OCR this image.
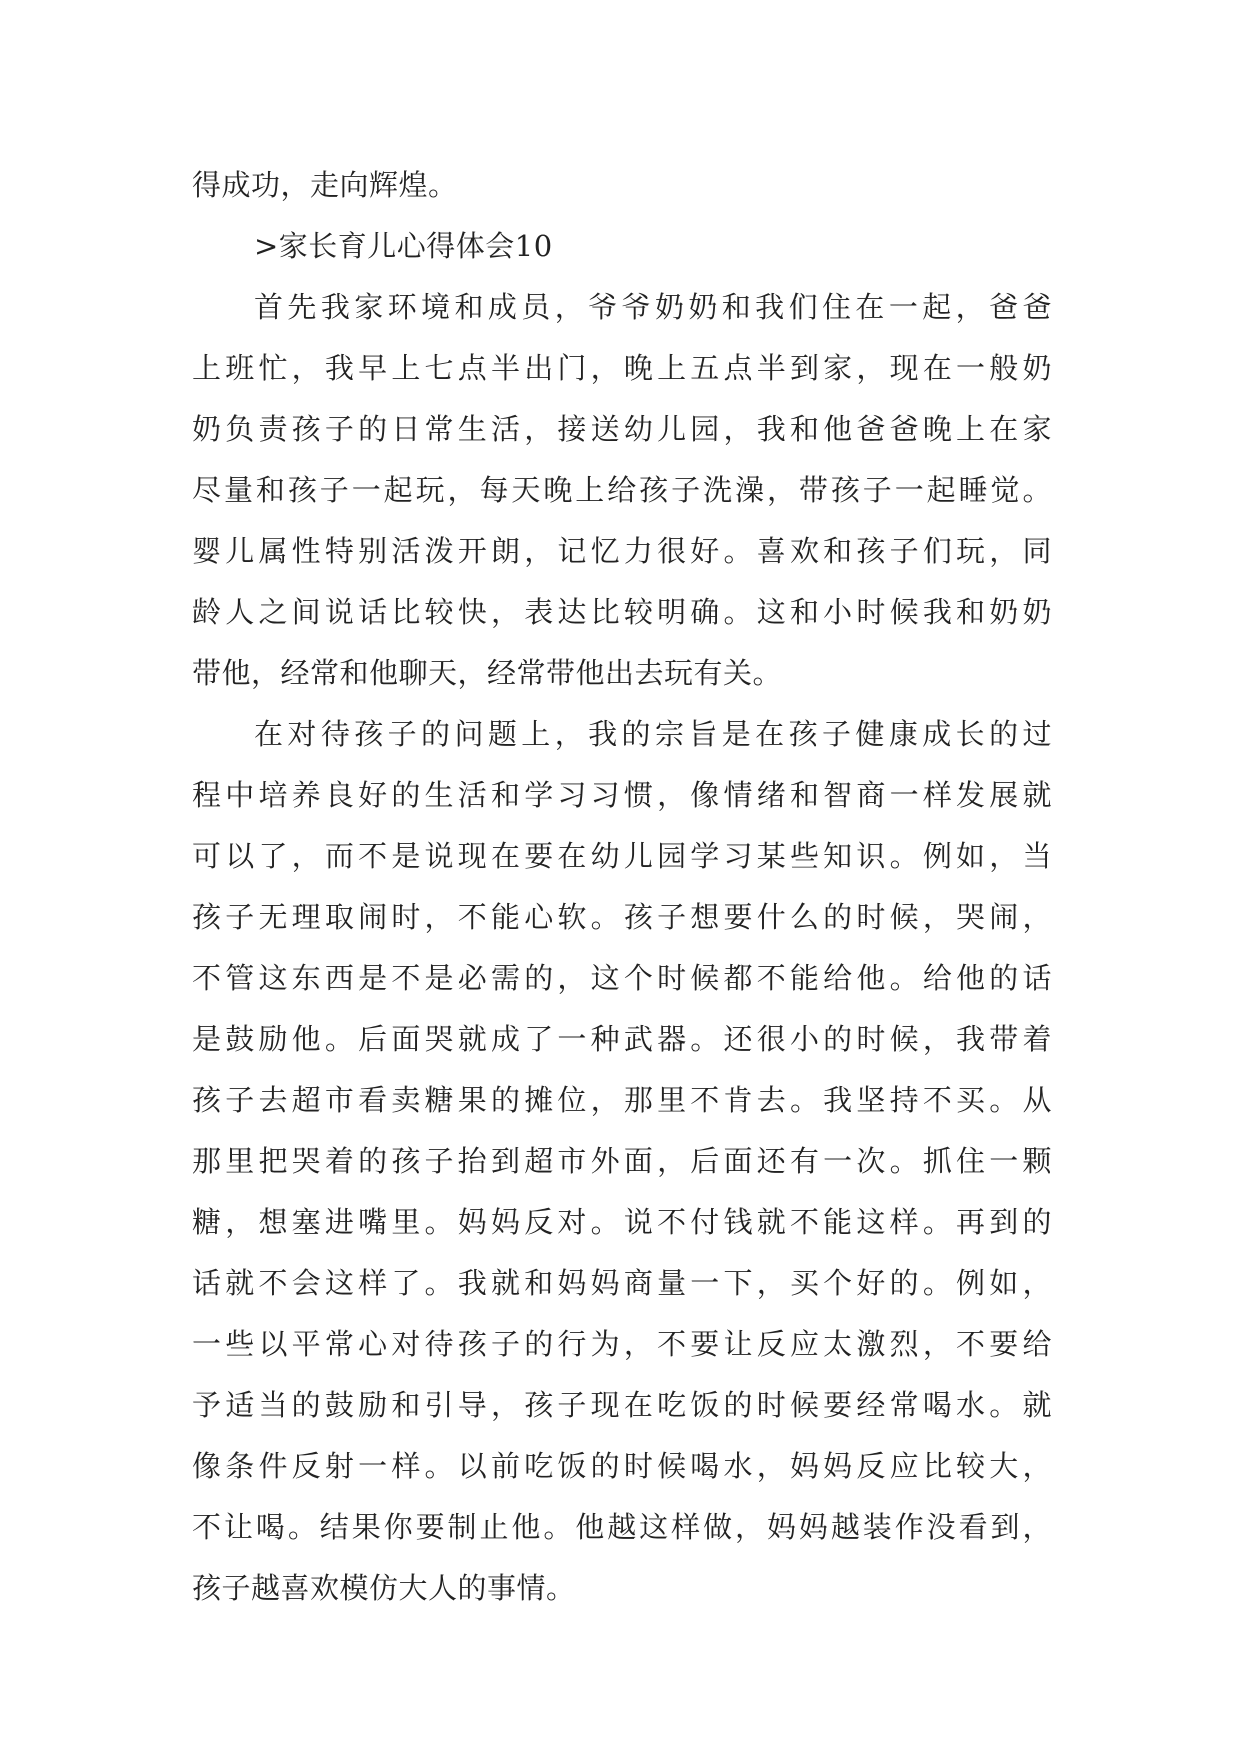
得成功，走向辉煌。
>家长育儿心得体会10
首先我家环境和成员，爷爷奶奶和我们住在一起，爸爸
上班忙，我早上七点半出门，晚上五点半到家，现在一般奶
奶负责孩子的日常生活，接送幼儿园，我和他爸爸晚上在家
尽量和孩子一起玩，每天晚上给孩子洗澡，带孩子一起睡觉。
婴儿属性特别活泼开朗，记忆力很好。喜欢和孩子们玩，同
龄人之间说话比较快，表达比较明确。这和小时候我和奶奶
带他，经常和他聊天，经常带他出去玩有关。
在对待孩子的问题上，我的宗旨是在孩子健康成长的过
程中培养良好的生活和学习习惯，像情绪和智商一样发展就
可以了，而不是说现在要在幼儿园学习某些知识。例如，当
孩子无理取闹时，不能心软。孩子想要什么的时候，哭闹，
不管这东西是不是必需的，这个时候都不能给他。给他的话
是鼓励他。后面哭就成了一种武器。还很小的时候，我带着
孩子去超市看卖糖果的摊位，那里不肯去。我坚持不买。从
那里把哭着的孩子抬到超市外面，后面还有一次。抓住一颗
糖，想塞进嘴里。妈妈反对。说不付钱就不能这样。再到的
话就不会这样了。我就和妈妈商量一下，买个好的。例如，
一些以平常心对待孩子的行为，不要让反应太激烈，不要给
予适当的鼓励和引导，孩子现在吃饭的时候要经常喝水。就
像条件反射一样。以前吃饭的时候喝水，妈妈反应比较大，
不让喝。结果你要制止他。他越这样做，妈妈越装作没看到，
孩子越喜欢模仿大人的事情。
